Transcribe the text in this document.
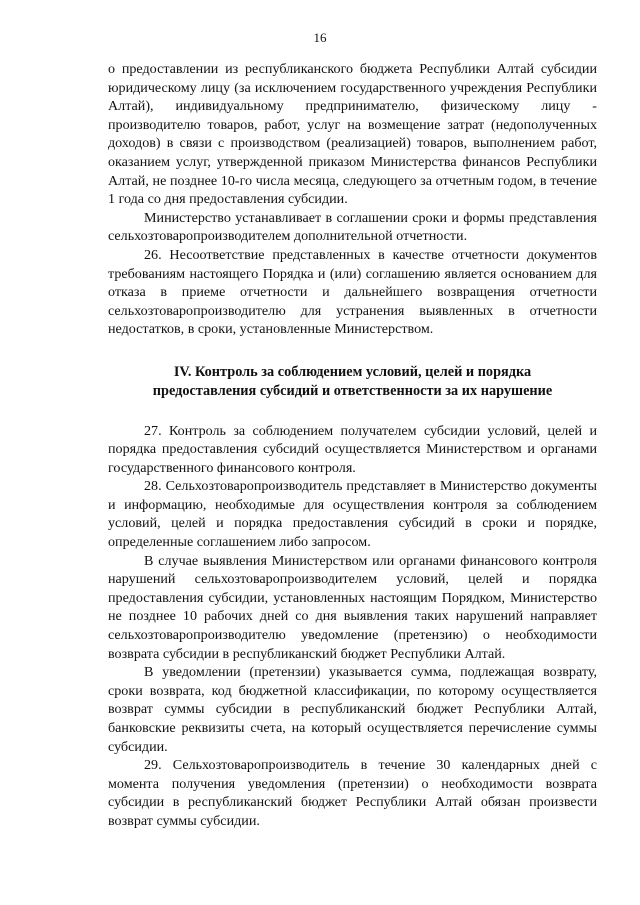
16

о предоставлении из республиканского бюджета Республики Алтай субсидии юридическому лицу (за исключением государственного учреждения Республики Алтай), индивидуальному предпринимателю, физическому лицу - производителю товаров, работ, услуг на возмещение затрат (недополученных доходов) в связи с производством (реализацией) товаров, выполнением работ, оказанием услуг, утвержденной приказом Министерства финансов Республики Алтай, не позднее 10-го числа месяца, следующего за отчетным годом, в течение 1 года со дня предоставления субсидии.

Министерство устанавливает в соглашении сроки и формы представления сельхозтоваропроизводителем дополнительной отчетности.

26. Несоответствие представленных в качестве отчетности документов требованиям настоящего Порядка и (или) соглашению является основанием для отказа в приеме отчетности и дальнейшего возвращения отчетности сельхозтоваропроизводителю для устранения выявленных в отчетности недостатков, в сроки, установленные Министерством.

IV. Контроль за соблюдением условий, целей и порядка
предоставления субсидий и ответственности за их нарушение

27. Контроль за соблюдением получателем субсидии условий, целей и порядка предоставления субсидий осуществляется Министерством и органами государственного финансового контроля.

28. Сельхозтоваропроизводитель представляет в Министерство документы и информацию, необходимые для осуществления контроля за соблюдением условий, целей и порядка предоставления субсидий в сроки и порядке, определенные соглашением либо запросом.

В случае выявления Министерством или органами финансового контроля нарушений сельхозтоваропроизводителем условий, целей и порядка предоставления субсидии, установленных настоящим Порядком, Министерство не позднее 10 рабочих дней со дня выявления таких нарушений направляет сельхозтоваропроизводителю уведомление (претензию) о необходимости возврата субсидии в республиканский бюджет Республики Алтай.

В уведомлении (претензии) указывается сумма, подлежащая возврату, сроки возврата, код бюджетной классификации, по которому осуществляется возврат суммы субсидии в республиканский бюджет Республики Алтай, банковские реквизиты счета, на который осуществляется перечисление суммы субсидии.

29. Сельхозтоваропроизводитель в течение 30 календарных дней с момента получения уведомления (претензии) о необходимости возврата субсидии в республиканский бюджет Республики Алтай обязан произвести возврат суммы субсидии.
